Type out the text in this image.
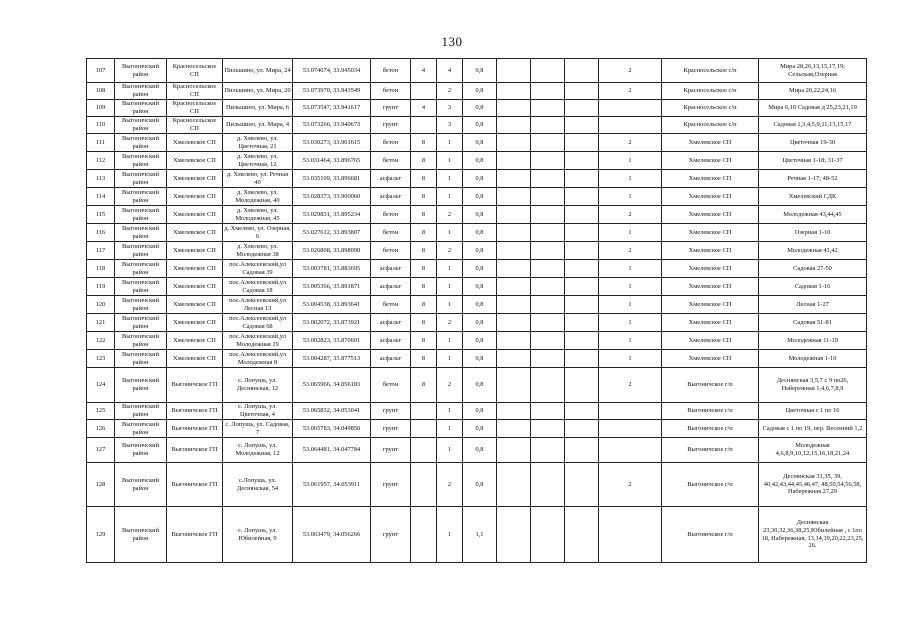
130
107	Выгоничский район	Красносельское СП	Пильшино, ул. Мира, 24	53.074074, 33.945034	бетон	4	4	0,8				2	Красносельское с/п	Мира 28,26,13,15,17,19; Сельская,Озерная
108	Выгоничский район	Красносельское СП	Пильшино, ул. Мира, 20	53.073970, 33.943549	бетон		2	0,8				2	Красносельское с/п	Мира 20,22,24,16
109	Выгоничский район	Красносельское СП	Пильшино, ул. Мира, 6	53.073547, 33.941617	грунт	4	3	0,8					Красносельское с/п	Мира 6,10 Садовая д 25,23,21,19
110	Выгоничский район	Красносельское СП	Пильшино, ул. Мира, 4	53.073266, 33.940673	грунт		3	0,8					Красносельское с/п	Садовая 1,3,4,5,9,11,13,15,17
111	Выгоничский район	Хмелевское СП	д. Хмелево, ул. Цветочная, 21	53.030273, 33.901615	бетон	8	1	0,8				2	Хмелевское СП	Цветочная 19-30
112	Выгоничский район	Хмелевское СП	д. Хмелево, ул. Цветочная, 12	53.031464, 33.896765	бетон	8	1	0,8				1	Хмелевское СП	Цветочная 1-18; 31-37
113	Выгоничский район	Хмелевское СП	д. Хмелево, ул. Речная 40	53.035109, 33.896681	асфальт	8	1	0,8				1	Хмелевское СП	Речная 1-17; 48-52
114	Выгоничский район	Хмелевское СП	д. Хмелево, ул. Молодежная, 40	53.028373, 33.900060	асфальт	8	1	0,8				1	Хмелевское СП	Хмелевский СДК
115	Выгоничский район	Хмелевское СП	д. Хмелево, ул. Молодежная, 45	53.029831, 33.895234	бетон	8	2	0,8				2	Хмелевское СП	Молодежная 43,44,45
116	Выгоничский район	Хмелевское СП	д. Хмелево, ул. Озерная, 6	53.027612, 33.893807	бетон	8	1	0,8				1	Хмелевское СП	Озерная 1-10
117	Выгоничский район	Хмелевское СП	д. Хмелево, ул. Молодежная 38	53.026808, 33.898098	бетон	8	2	0,8				2	Хмелевское СП	Молодежная 41,42
118	Выгоничский район	Хмелевское СП	пос.Алексеевский,ул Садовая 39	53.003781, 33.883695	асфальт	8	1	0,8				1	Хмелевское СП	Садовая 27-50
119	Выгоничский район	Хмелевское СП	пос.Алексеевский,ул Садовая 18	53.005366, 33.891871	асфальт	8	1	0,8				1	Хмелевское СП	Садовая 1-16
120	Выгоничский район	Хмелевское СП	пос.Алексеевский,ул Лесная 13	53.004538, 33.893641	бетон	8	1	0,8				1	Хмелевское СП	Лесная 1-27
121	Выгоничский район	Хмелевское СП	пос.Алексеевский,ул Садовая 68	53.002072, 33.873921	асфальт	8	2	0,8				1	Хмелевское СП	Садовая 51-81
122	Выгоничский район	Хмелевское СП	пос.Алексеевский,ул Молодежная 19	53.002823, 33.870601	асфальт	8	1	0,8				1	Хмелевское СП	Молодежная 11-19
123	Выгоничский район	Хмелевское СП	пос.Алексеевский,ул Молодежная 8	53.004287, 33.877513	асфальт	8	1	0,8				1	Хмелевское СП	Молодежная 1-10
124	Выгоничский район	Выгоничское ГП	с. Лопушь, ул. Деснянская, 12	53.065966, 34.056183	бетон	8	2	0,8				2	Выгоничское г/п	Деснянская 3,5,7 с 9 по26, Набережная 1,4,6,7,8,9
125	Выгоничский район	Выгоничское ГП	с. Лопушь, ул. Цветочная, 4	53.065832, 34.053041	грунт		1	0,8					Выгоничское г/п	Цветочная с 1 по 16
126	Выгоничский район	Выгоничское ГП	с. Лопушь, ул. Садовая, 7	53.065783, 34.049850	грунт		1	0,8					Выгоничское г/п	Садовая с 1 по 19, пер. Весенний 1,2
127	Выгоничский район	Выгоничское ГП	с. Лопушь, ул. Молодежная, 12	53.064481, 34.047784	грунт		1	0,8					Выгоничское г/п	Молодежная 4,6,8,9,10,12,15,16,18,21,24
128	Выгоничский район	Выгоничское ГП	с.Лопушь, ул. Деснянская, 54	53.061957, 34.053911	грунт		2	0,8				2	Выгоничское г/п	Деснянская 31,35, 39, 40,42,43,44,45,46,47, 48,50,54,56,58, Набережная 27,29
129	Выгоничский район	Выгоничское ГП	с. Лопушь, ул. Юбилейная, 9	53.063479, 34.056266	грунт		1	1,1					Выгоничское г/п	Деснянская 23,30,32,36,38,25,Юбилейная , с 1по 18, Набережная, 13,14,19,20,22,23,25, 26.
